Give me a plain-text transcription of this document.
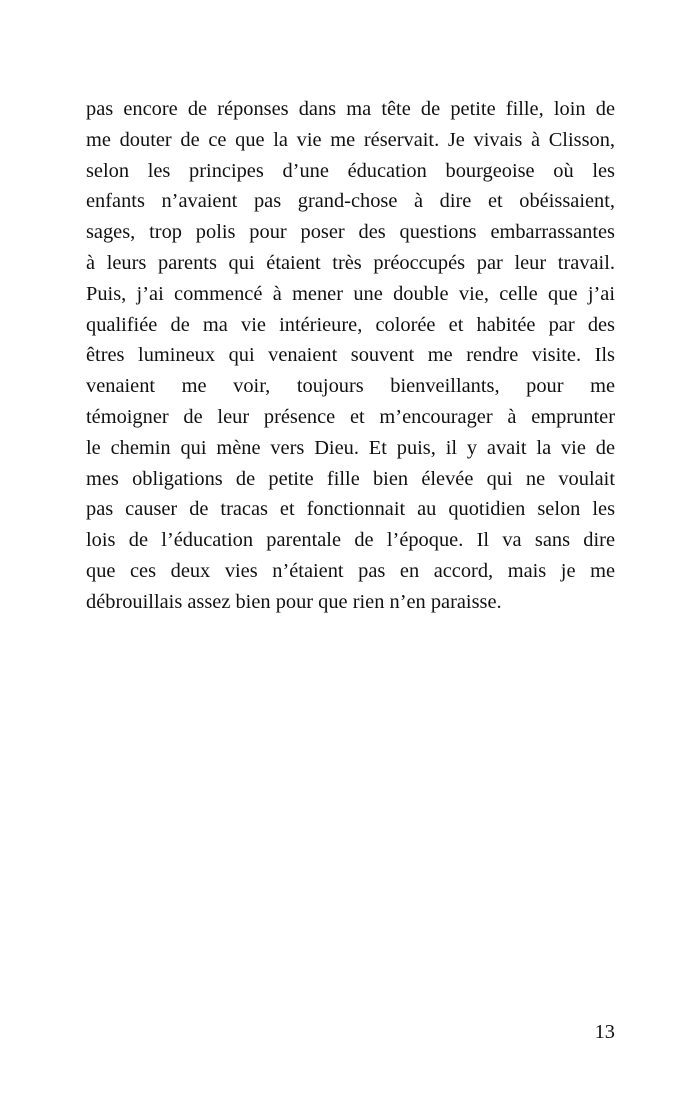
pas encore de réponses dans ma tête de petite fille, loin de
me douter de ce que la vie me réservait. Je vivais à Clisson,
selon les principes d’une éducation bourgeoise où les
enfants n’avaient pas grand-chose à dire et obéissaient,
sages, trop polis pour poser des questions embarrassantes
à leurs parents qui étaient très préoccupés par leur travail.
Puis, j’ai commencé à mener une double vie, celle que j’ai
qualifiée de ma vie intérieure, colorée et habitée par des
êtres lumineux qui venaient souvent me rendre visite. Ils
venaient me voir, toujours bienveillants, pour me
témoigner de leur présence et m’encourager à emprunter
le chemin qui mène vers Dieu. Et puis, il y avait la vie de
mes obligations de petite fille bien élevée qui ne voulait
pas causer de tracas et fonctionnait au quotidien selon les
lois de l’éducation parentale de l’époque. Il va sans dire
que ces deux vies n’étaient pas en accord, mais je me
débrouillais assez bien pour que rien n’en paraisse.
13
